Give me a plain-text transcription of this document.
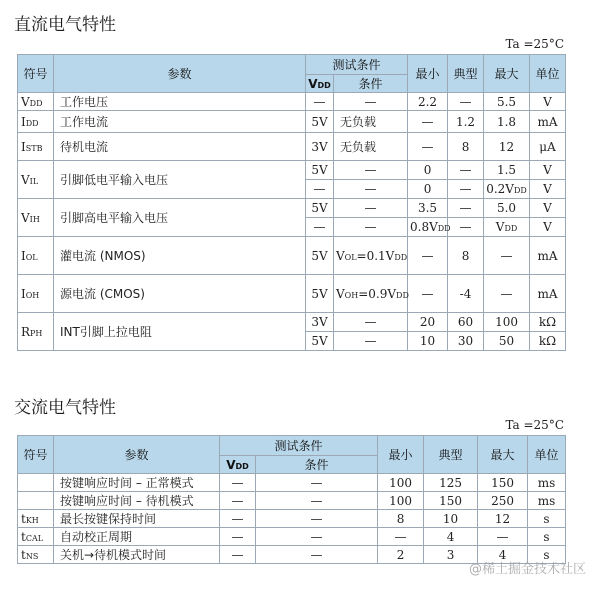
直流电气特性
Ta =25°C
符号	参数	测试条件		最小	典型	最大	单位
		VDD	条件				
VDD	工作电压	—	—	2.2	—	5.5	V
IDD	工作电流	5V	无负载	—	1.2	1.8	mA
ISTB	待机电流	3V	无负载	—	8	12	μA
VIL	引脚低电平输入电压	5V	—	0	—	1.5	V
		—	—	0	—	0.2VDD	V
VIH	引脚高电平输入电压	5V	—	3.5	—	5.0	V
		—	—	0.8VDD	—	VDD	V
IOL	灌电流 (NMOS)	5V	VOL=0.1VDD	—	8	—	mA
IOH	源电流 (CMOS)	5V	VOH=0.9VDD	—	-4	—	mA
RPH	INT引脚上拉电阻	3V	—	20	60	100	kΩ
		5V	—	10	30	50	kΩ
交流电气特性
Ta =25°C
符号	参数	测试条件		最小	典型	最大	单位
		VDD	条件				
	按键响应时间 – 正常模式	—	—	100	125	150	ms
	按键响应时间 – 待机模式	—	—	100	150	250	ms
tKH	最长按键保持时间	—	—	8	10	12	s
tCAL	自动校正周期	—	—	—	4	—	s
tNS	关机→待机模式时间	—	—	2	3	4	s
@稀土掘金技术社区
